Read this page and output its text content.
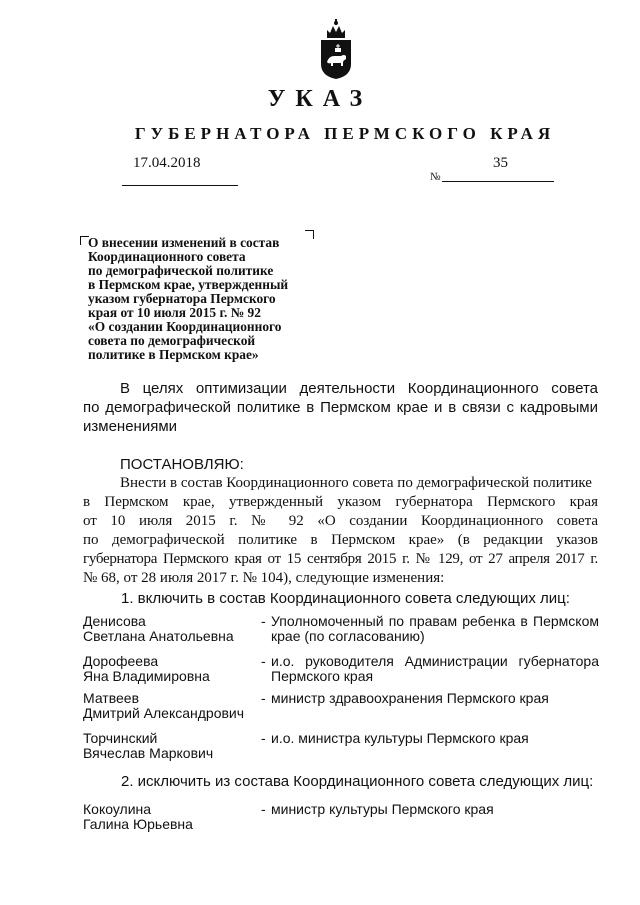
УКАЗ
ГУБЕРНАТОРА ПЕРМСКОГО КРАЯ
17.04.2018
№
35
О внесении изменений в состав
Координационного совета
по демографической политике
в Пермском крае, утвержденный
указом губернатора Пермского
края от 10 июля 2015 г. № 92
«О создании Координационного
совета по демографической
политике в Пермском крае»
В целях оптимизации деятельности Координационного совета
по демографической политике в Пермском крае и в связи с кадровыми
изменениями
ПОСТАНОВЛЯЮ:
Внести в состав Координационного совета по демографической политике
в Пермском крае, утвержденный указом губернатора Пермского края
от 10 июля 2015 г. № 92 «О создании Координационного совета
по демографической политике в Пермском крае» (в редакции указов
губернатора Пермского края от 15 сентября 2015 г. № 129, от 27 апреля 2017 г.
№ 68, от 28 июля 2017 г. № 104), следующие изменения:
1. включить в состав Координационного совета следующих лиц:
Денисова
Светлана Анатольевна
- Уполномоченный по правам ребенка в Пермском
крае (по согласованию)
Дорофеева
Яна Владимировна
- и.о. руководителя Администрации губернатора
Пермского края
Матвеев
Дмитрий Александрович
- министр здравоохранения Пермского края
Торчинский
Вячеслав Маркович
- и.о. министра культуры Пермского края
2. исключить из состава Координационного совета следующих лиц:
Кокоулина
Галина Юрьевна
- министр культуры Пермского края
